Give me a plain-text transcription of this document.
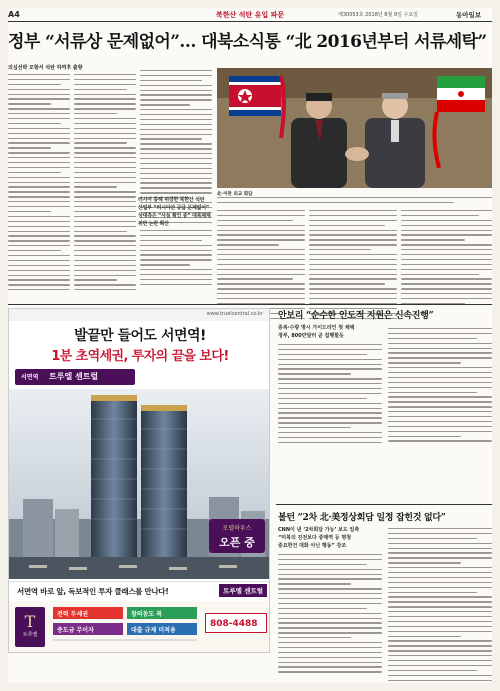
A4	북한산 석탄 유입 파문	제30053호 2018년 8월 9일 수요일	동아일보
정부 “서류상 문제없어”… 대북소식통 “北 2016년부터 서류세탁”
의심선박 모항서 석탄 하역후 출항
러시아 통해 위장한 북한산 석탄
산업부 “러시아산 공급 문제없어”
상대측은 “사실 확인 중” 대북제재 위반 논란 확산
北·이란 외교 회담
www.truelcentral.co.kr
발끝만 들어도 서면역!
1분 초역세권, 투자의 끝을 보다!
서면역 트루엘 센트럴
모델하우스
오픈 중
서면역 바로 앞, 독보적인 투자 클래스를 만나다!	트루엘 센트럴
T
트루엘
전력 두세권	창의동도 복
중도금 무이자	대출 규제 미적용
808-4488
안보리 “순수한 인도적 지원은 신속진행”
중복·수량 명시 가이드라인 첫 채택
정부, 800만달러 곧 집행할듯
볼턴 “2차 北·美정상회담 일정 잡힌것 없다”
CNN이 낸 ‘2차회담 가능’ 보도 일축
“미북의 진전보다 중매역 등 명청
중요한건 대화 아닌 행동” 강조
